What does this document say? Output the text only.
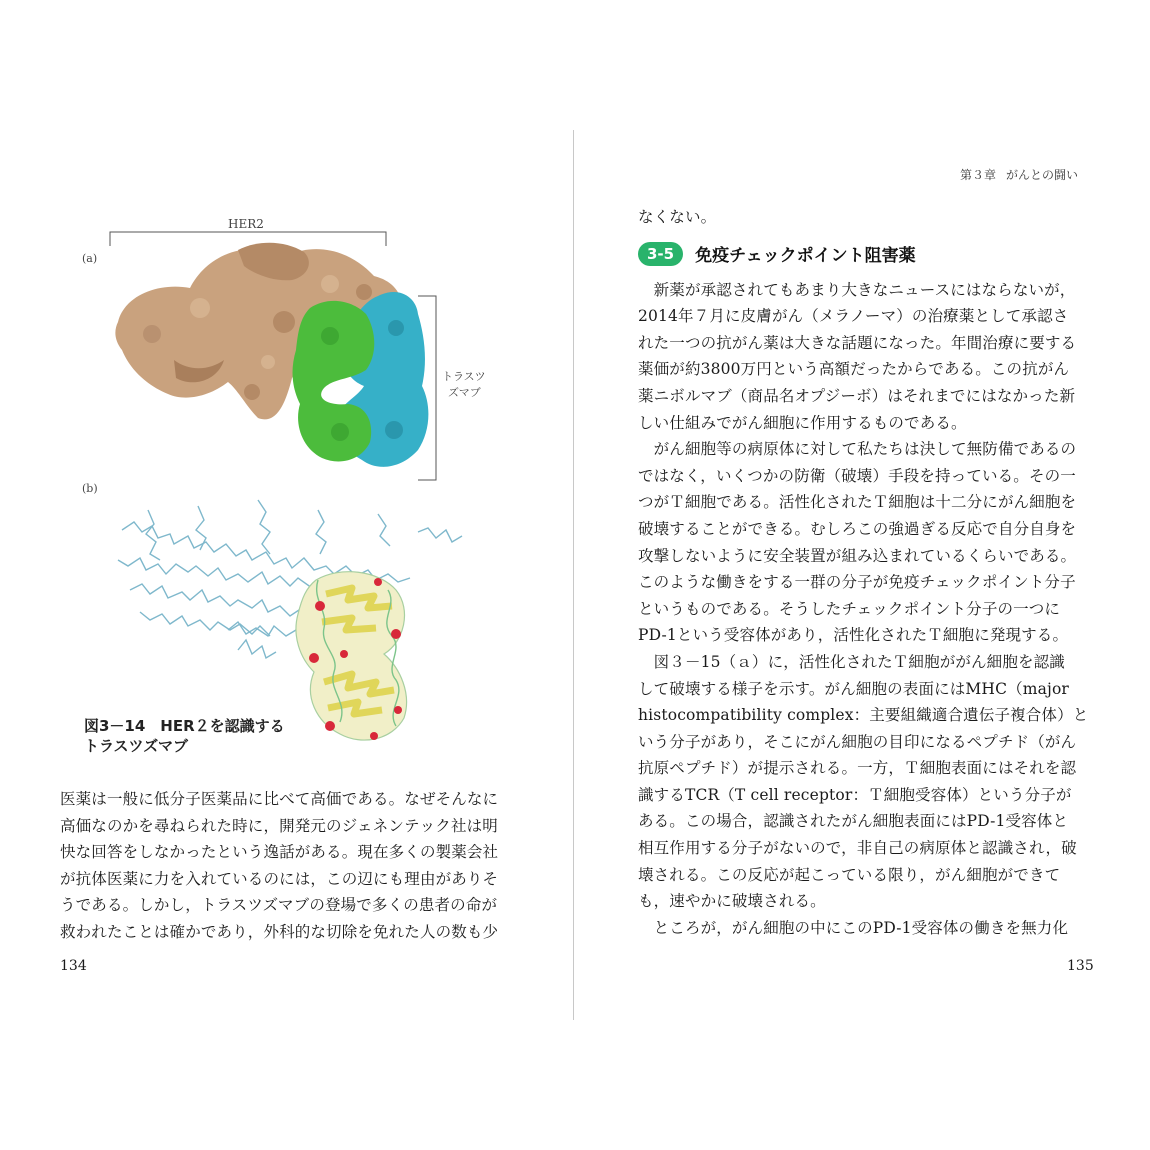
(a)
HER2
トラスツ
ズマブ
(b)
図3－14　HER２を認識する
トラスツズマブ
医薬は一般に低分子医薬品に比べて高価である。なぜそんなに
高価なのかを尋ねられた時に，開発元のジェネンテック社は明
快な回答をしなかったという逸話がある。現在多くの製薬会社
が抗体医薬に力を入れているのには，この辺にも理由がありそ
うである。しかし，トラスツズマブの登場で多くの患者の命が
救われたことは確かであり，外科的な切除を免れた人の数も少
134
第３章 がんとの闘い
なくない。
3-5	免疫チェックポイント阻害薬
　新薬が承認されてもあまり大きなニュースにはならないが，
2014年７月に皮膚がん（メラノーマ）の治療薬として承認さ
れた一つの抗がん薬は大きな話題になった。年間治療に要する
薬価が約3800万円という高額だったからである。この抗がん
薬ニボルマブ（商品名オプジーボ）はそれまでにはなかった新
しい仕組みでがん細胞に作用するものである。
　がん細胞等の病原体に対して私たちは決して無防備であるの
ではなく，いくつかの防衛（破壊）手段を持っている。その一
つがＴ細胞である。活性化されたＴ細胞は十二分にがん細胞を
破壊することができる。むしろこの強過ぎる反応で自分自身を
攻撃しないように安全装置が組み込まれているくらいである。
このような働きをする一群の分子が免疫チェックポイント分子
というものである。そうしたチェックポイント分子の一つに
PD-1という受容体があり，活性化されたＴ細胞に発現する。
　図３－15（ａ）に，活性化されたＴ細胞ががん細胞を認識
して破壊する様子を示す。がん細胞の表面にはMHC（major
histocompatibility complex：主要組織適合遺伝子複合体）と
いう分子があり，そこにがん細胞の目印になるペプチド（がん
抗原ペプチド）が提示される。一方，Ｔ細胞表面にはそれを認
識するTCR（T cell receptor：Ｔ細胞受容体）という分子が
ある。この場合，認識されたがん細胞表面にはPD-1受容体と
相互作用する分子がないので，非自己の病原体と認識され，破
壊される。この反応が起こっている限り，がん細胞ができて
も，速やかに破壊される。
　ところが，がん細胞の中にこのPD-1受容体の働きを無力化
135
